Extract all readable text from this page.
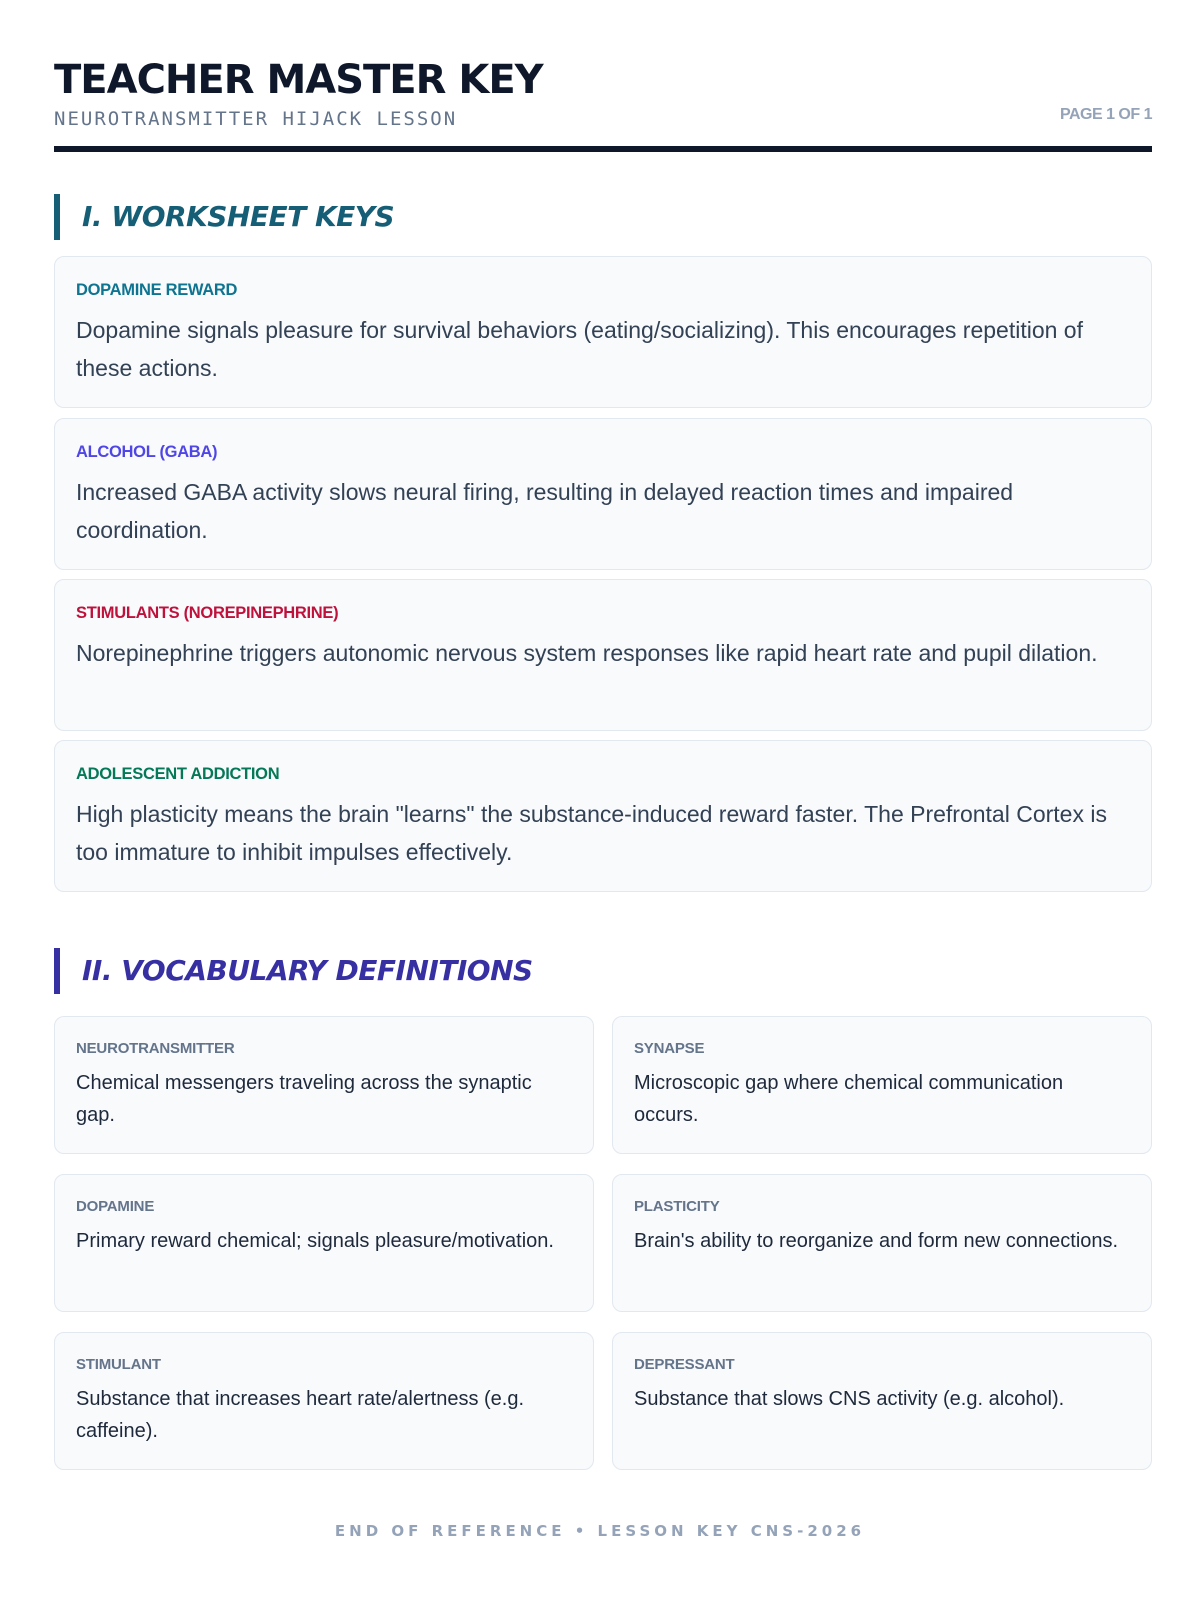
TEACHER MASTER KEY
NEUROTRANSMITTER HIJACK LESSON	PAGE 1 OF 1
I. WORKSHEET KEYS
DOPAMINE REWARD
Dopamine signals pleasure for survival behaviors (eating/socializing). This encourages repetition of these actions.
ALCOHOL (GABA)
Increased GABA activity slows neural firing, resulting in delayed reaction times and impaired coordination.
STIMULANTS (NOREPINEPHRINE)
Norepinephrine triggers autonomic nervous system responses like rapid heart rate and pupil dilation.
ADOLESCENT ADDICTION
High plasticity means the brain "learns" the substance-induced reward faster. The Prefrontal Cortex is too immature to inhibit impulses effectively.
II. VOCABULARY DEFINITIONS
NEUROTRANSMITTER
Chemical messengers traveling across the synaptic gap.
SYNAPSE
Microscopic gap where chemical communication occurs.
DOPAMINE
Primary reward chemical; signals pleasure/motivation.
PLASTICITY
Brain's ability to reorganize and form new connections.
STIMULANT
Substance that increases heart rate/alertness (e.g. caffeine).
DEPRESSANT
Substance that slows CNS activity (e.g. alcohol).
END OF REFERENCE • LESSON KEY CNS-2026
